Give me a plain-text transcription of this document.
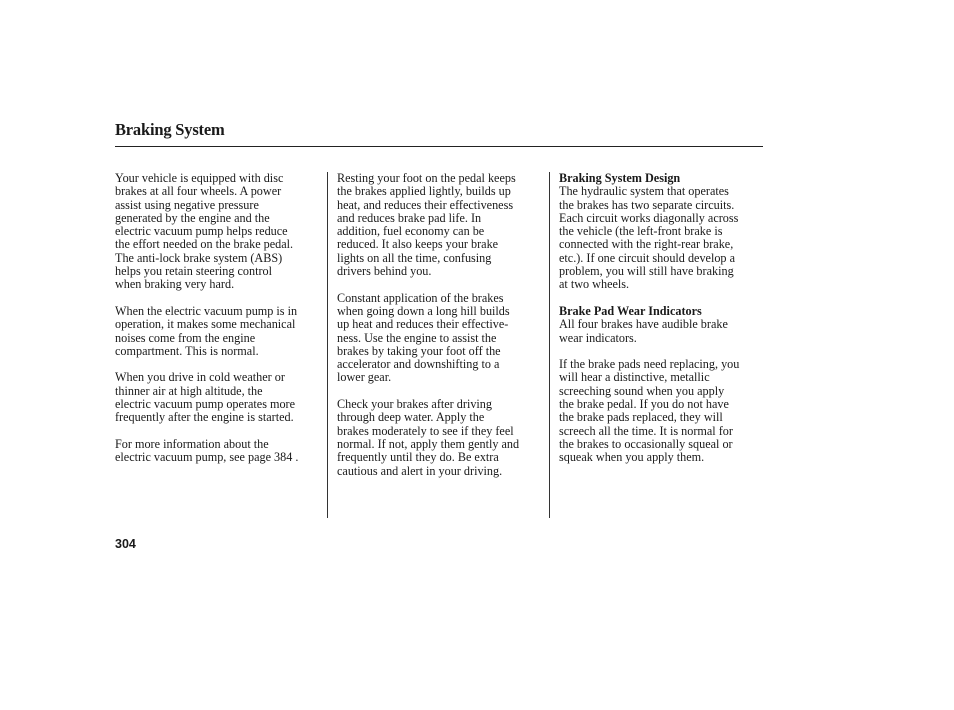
Braking System

Your vehicle is equipped with disc
brakes at all four wheels. A power
assist using negative pressure
generated by the engine and the
electric vacuum pump helps reduce
the effort needed on the brake pedal.
The anti-lock brake system (ABS)
helps you retain steering control
when braking very hard.

When the electric vacuum pump is in
operation, it makes some mechanical
noises come from the engine
compartment. This is normal.

When you drive in cold weather or
thinner air at high altitude, the
electric vacuum pump operates more
frequently after the engine is started.

For more information about the
electric vacuum pump, see page 384 .

Resting your foot on the pedal keeps
the brakes applied lightly, builds up
heat, and reduces their effectiveness
and reduces brake pad life. In
addition, fuel economy can be
reduced. It also keeps your brake
lights on all the time, confusing
drivers behind you.

Constant application of the brakes
when going down a long hill builds
up heat and reduces their effective-
ness. Use the engine to assist the
brakes by taking your foot off the
accelerator and downshifting to a
lower gear.

Check your brakes after driving
through deep water. Apply the
brakes moderately to see if they feel
normal. If not, apply them gently and
frequently until they do. Be extra
cautious and alert in your driving.

Braking System Design
The hydraulic system that operates
the brakes has two separate circuits.
Each circuit works diagonally across
the vehicle (the left-front brake is
connected with the right-rear brake,
etc.). If one circuit should develop a
problem, you will still have braking
at two wheels.

Brake Pad Wear Indicators
All four brakes have audible brake
wear indicators.

If the brake pads need replacing, you
will hear a distinctive, metallic
screeching sound when you apply
the brake pedal. If you do not have
the brake pads replaced, they will
screech all the time. It is normal for
the brakes to occasionally squeal or
squeak when you apply them.

304
